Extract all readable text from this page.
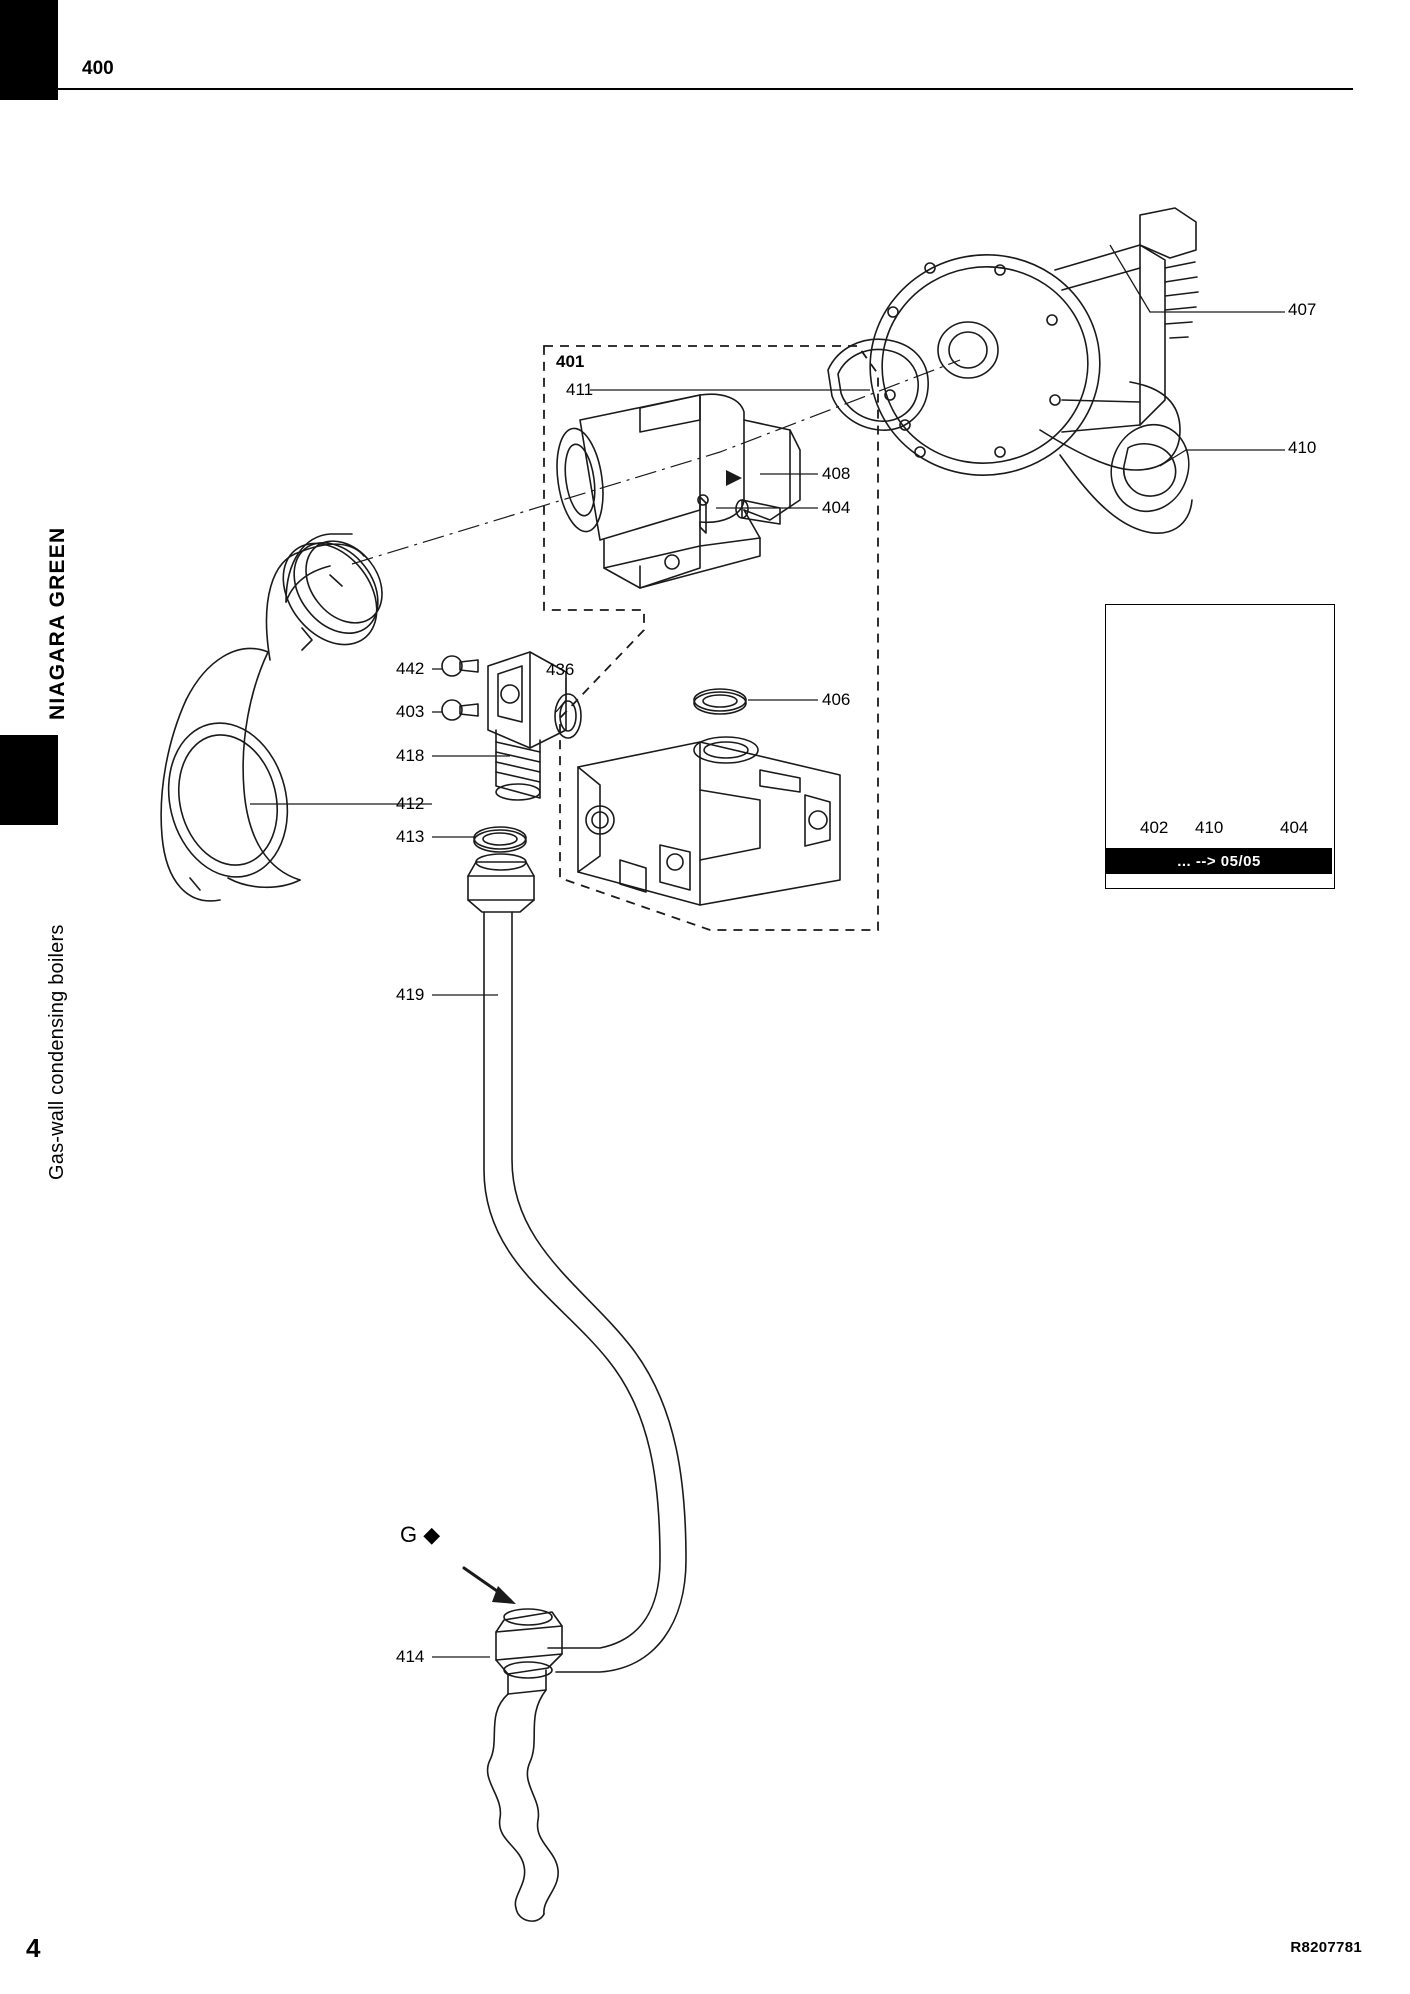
NIAGARA GREEN
Gas-wall condensing boilers
400
G ◆
407
410
401
411
408
404
406
442
403
418
412
413
436
419
414
402 410	404
... --> 05/05
4	R8207781
